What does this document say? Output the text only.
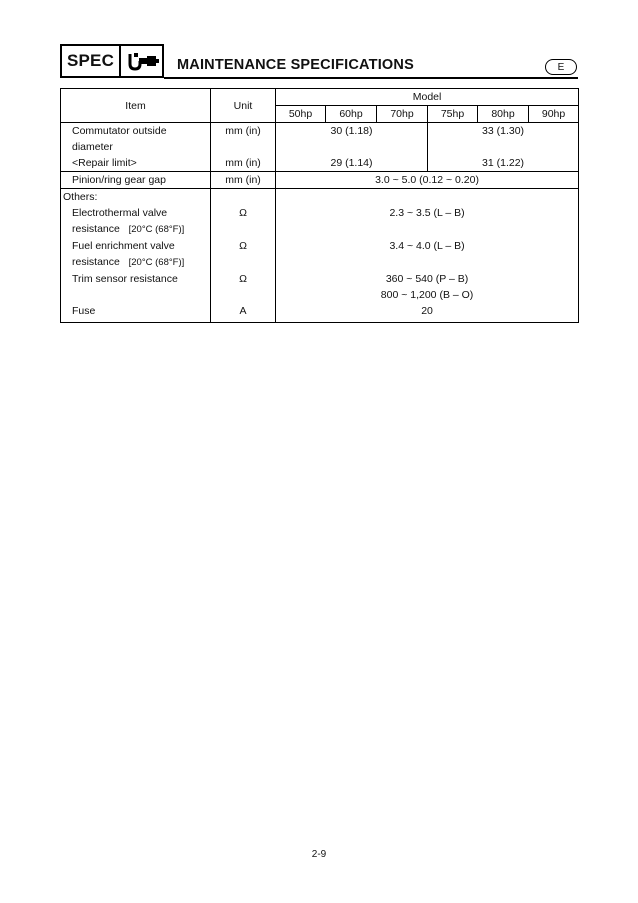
SPEC	MAINTENANCE SPECIFICATIONS	E
Item	Unit	Model					
		50hp	60hp	70hp	75hp	80hp	90hp

Commutator outside
diameter	mm (in)	30 (1.18)			33 (1.30)		
<Repair limit>	mm (in)	29 (1.14)			31 (1.22)		
Pinion/ring gear gap	mm (in)	3.0 ~ 5.0 (0.12 ~ 0.20)					
Others:							

Electrothermal valve
resistance [20°C (68°F)]	Ω	2.3 ~ 3.5 (L – B)					

Fuel enrichment valve
resistance [20°C (68°F)]	Ω	3.4 ~ 4.0 (L – B)					
Trim sensor resistance	Ω	360 ~ 540 (P – B)
800 ~ 1,200 (B – O)					

Fuse	A	20					
2-9
